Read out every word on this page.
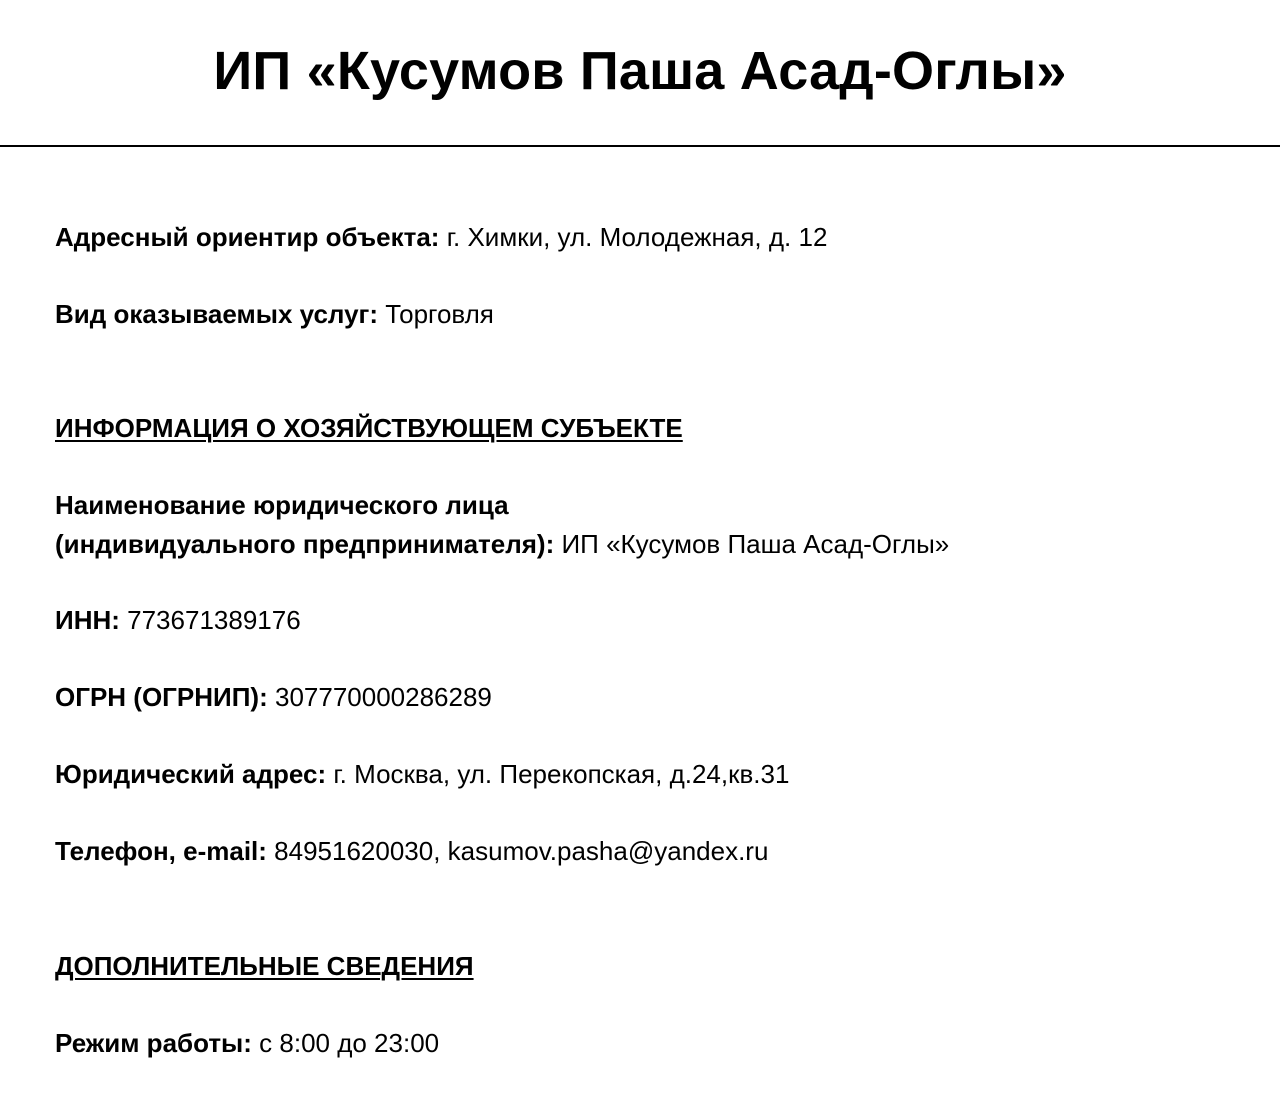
ИП «Кусумов Паша Асад-Оглы»
Адресный ориентир объекта: г. Химки, ул. Молодежная, д. 12
Вид оказываемых услуг: Торговля
ИНФОРМАЦИЯ О ХОЗЯЙСТВУЮЩЕМ СУБЪЕКТЕ
Наименование юридического лица
(индивидуального предпринимателя): ИП «Кусумов Паша Асад-Оглы»
ИНН: 773671389176
ОГРН (ОГРНИП): 307770000286289
Юридический адрес: г. Москва, ул. Перекопская, д.24,кв.31
Телефон, e-mail: 84951620030, kasumov.pasha@yandex.ru
ДОПОЛНИТЕЛЬНЫЕ СВЕДЕНИЯ
Режим работы: с 8:00 до 23:00
